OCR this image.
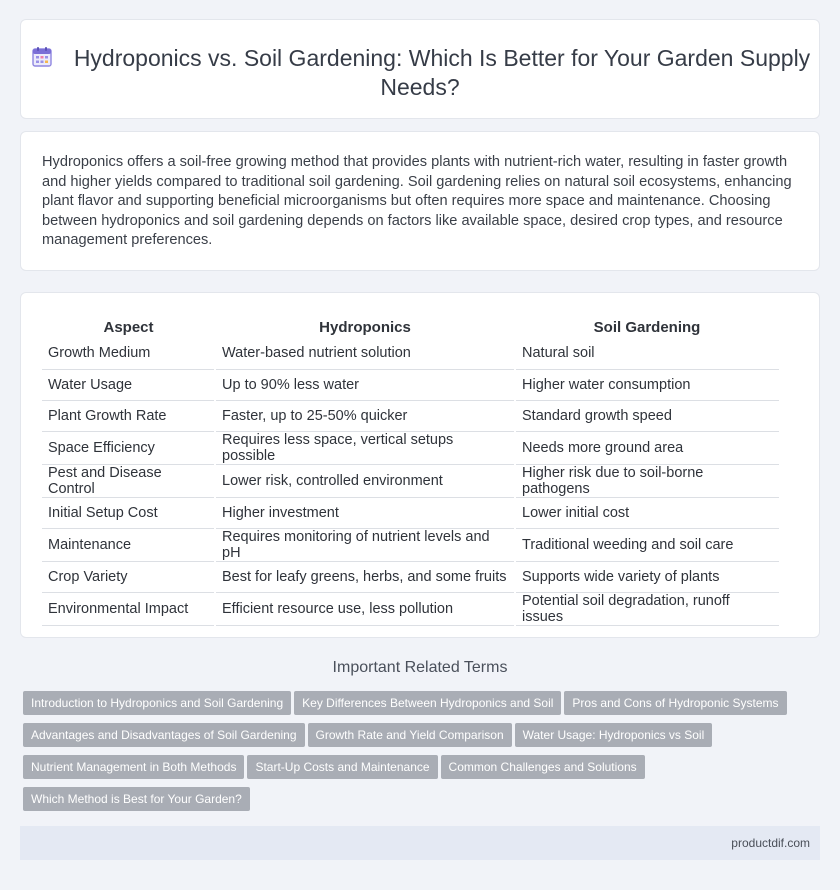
Hydroponics vs. Soil Gardening: Which Is Better for Your Garden Supply Needs?

Hydroponics offers a soil-free growing method that provides plants with nutrient-rich water, resulting in faster growth and higher yields compared to traditional soil gardening. Soil gardening relies on natural soil ecosystems, enhancing plant flavor and supporting beneficial microorganisms but often requires more space and maintenance. Choosing between hydroponics and soil gardening depends on factors like available space, desired crop types, and resource management preferences.

Aspect	Hydroponics	Soil Gardening
Growth Medium	Water-based nutrient solution	Natural soil
Water Usage	Up to 90% less water	Higher water consumption
Plant Growth Rate	Faster, up to 25-50% quicker	Standard growth speed
Space Efficiency	Requires less space, vertical setups possible	Needs more ground area
Pest and Disease Control	Lower risk, controlled environment	Higher risk due to soil-borne pathogens
Initial Setup Cost	Higher investment	Lower initial cost
Maintenance	Requires monitoring of nutrient levels and pH	Traditional weeding and soil care
Crop Variety	Best for leafy greens, herbs, and some fruits	Supports wide variety of plants
Environmental Impact	Efficient resource use, less pollution	Potential soil degradation, runoff issues
Important Related Terms
Introduction to Hydroponics and Soil Gardening Key Differences Between Hydroponics and Soil Pros and Cons of Hydroponic SystemsAdvantages and Disadvantages of Soil Gardening Growth Rate and Yield Comparison Water Usage: Hydroponics vs SoilNutrient Management in Both Methods Start-Up Costs and Maintenance Common Challenges and SolutionsWhich Method is Best for Your Garden?
productdif.com
